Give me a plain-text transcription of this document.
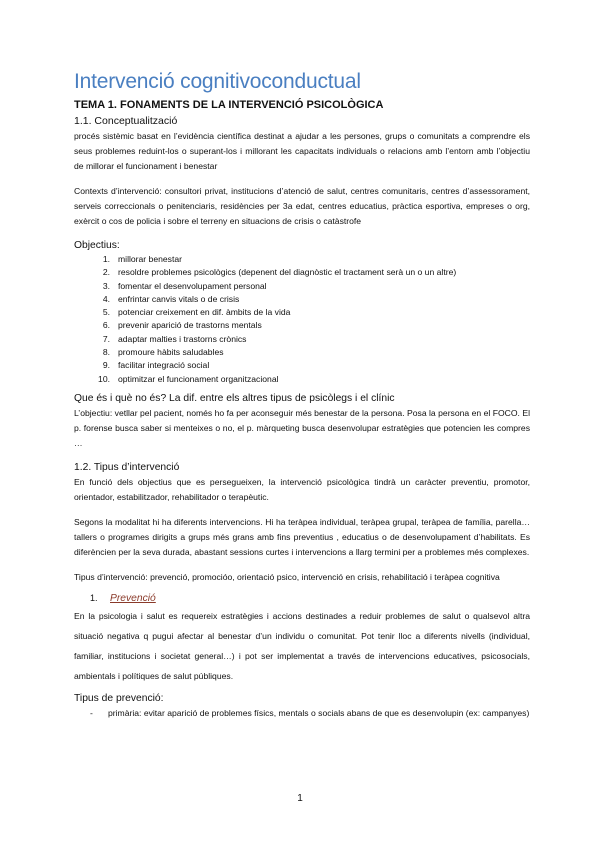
Intervenció cognitivoconductual
TEMA 1. FONAMENTS DE LA INTERVENCIÓ PSICOLÒGICA
1.1. Conceptualització

procés sistèmic basat en l’evidència científica destinat a ajudar a les persones, grups o comunitats a comprendre els seus problemes reduint-los o superant-los i millorant les capacitats individuals o relacions amb l’entorn amb l’objectiu de millorar el funcionament i benestar

Contexts d’intervenció: consultori privat, institucions d’atenció de salut, centres comunitaris, centres d’assessorament, serveis correccionals o penitenciaris, residències per 3a edat, centres educatius, pràctica esportiva, empreses o org, exèrcit o cos de policia i sobre el terreny en situacions de crisis o catàstrofe

Objectius:
1. millorar benestar
2. resoldre problemes psicològics (depenent del diagnòstic el tractament serà un o un altre)
3. fomentar el desenvolupament personal
4. enfrintar canvis vitals o de crisis
5. potenciar creixement en dif. àmbits de la vida
6. prevenir aparició de trastorns mentals
7. adaptar malties i trastorns crònics
8. promoure hàbits saludables
9. facilitar integració social
10. optimitzar el funcionament organitzacional
Que és i què no és? La dif. entre els altres tipus de psicòlegs i el clínic

L’objectiu: vetllar pel pacient, només ho fa per aconseguir més benestar de la persona. Posa la persona en el FOCO. El p. forense busca saber si menteixes o no, el p. màrqueting busca desenvolupar estratègies que potencien les compres …

1.2. Tipus d’intervenció

En funció dels objectius que es persegueixen, la intervenció psicològica tindrà un caràcter preventiu, promotor, orientador, estabilitzador, rehabilitador o terapèutic.

Segons la modalitat hi ha diferents intervencions. Hi ha teràpea individual, teràpea grupal, teràpea de família, parella… tallers o programes dirigits a grups més grans amb fins preventius , educatius o de desenvolupament d’habilitats. Es diferèncien per la seva durada, abastant sessions curtes i intervencions a llarg termini per a problemes més complexes.

Tipus d’intervenció: prevenció, promocióo, orientació psico, intervenció en crisis, rehabilitació i teràpea cognitiva

1.	Prevenció

En la psicologia i salut es requereix estratègies i accions destinades a reduir problemes de salut o qualsevol altra situació negativa q pugui afectar al benestar d’un individu o comunitat. Pot tenir lloc a diferents nivells (individual, familiar, institucions i societat general…) i pot ser implementat a través de intervencions educatives, psicosocials, ambientals i polítiques de salut públiques.

Tipus de prevenció:
-	primària: evitar aparició de problemes físics, mentals o socials abans de que es desenvolupin (ex: campanyes)
1
